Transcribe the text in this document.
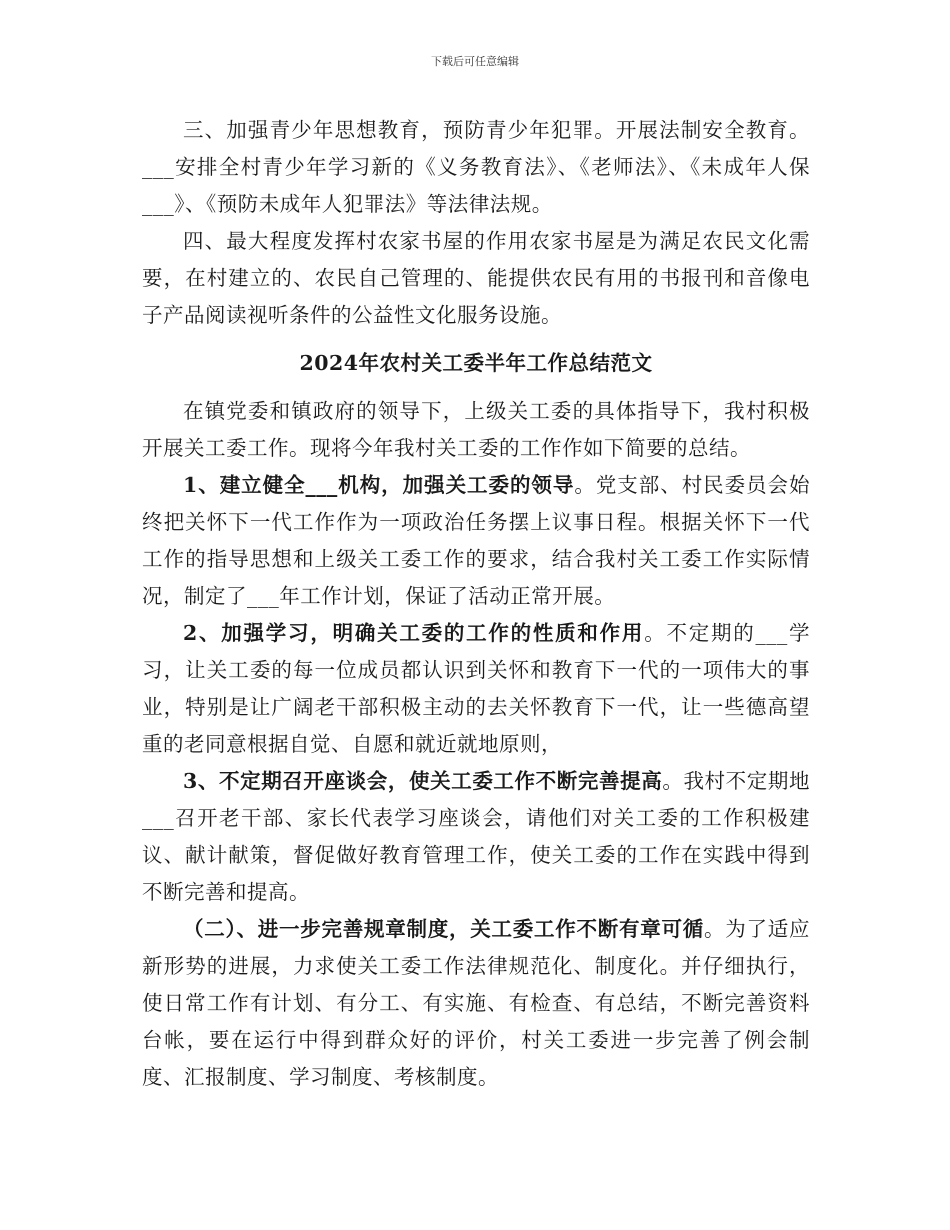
下载后可任意编辑

三、加强青少年思想教育，预防青少年犯罪。开展法制安全教育。___安排全村青少年学习新的《义务教育法》、《老师法》、《未成年人保___》、《预防未成年人犯罪法》等法律法规。

四、最大程度发挥村农家书屋的作用农家书屋是为满足农民文化需要，在村建立的、农民自己管理的、能提供农民有用的书报刊和音像电子产品阅读视听条件的公益性文化服务设施。

2024年农村关工委半年工作总结范文

在镇党委和镇政府的领导下，上级关工委的具体指导下，我村积极开展关工委工作。现将今年我村关工委的工作作如下简要的总结。

1、建立健全___机构，加强关工委的领导。党支部、村民委员会始终把关怀下一代工作作为一项政治任务摆上议事日程。根据关怀下一代工作的指导思想和上级关工委工作的要求，结合我村关工委工作实际情况，制定了___年工作计划，保证了活动正常开展。

2、加强学习，明确关工委的工作的性质和作用。不定期的___学习，让关工委的每一位成员都认识到关怀和教育下一代的一项伟大的事业，特别是让广阔老干部积极主动的去关怀教育下一代，让一些德高望重的老同意根据自觉、自愿和就近就地原则，

3、不定期召开座谈会，使关工委工作不断完善提高。我村不定期地___召开老干部、家长代表学习座谈会，请他们对关工委的工作积极建议、献计献策，督促做好教育管理工作，使关工委的工作在实践中得到不断完善和提高。

（二）、进一步完善规章制度，关工委工作不断有章可循。为了适应新形势的进展，力求使关工委工作法律规范化、制度化。并仔细执行，使日常工作有计划、有分工、有实施、有检查、有总结，不断完善资料台帐，要在运行中得到群众好的评价，村关工委进一步完善了例会制度、汇报制度、学习制度、考核制度。
